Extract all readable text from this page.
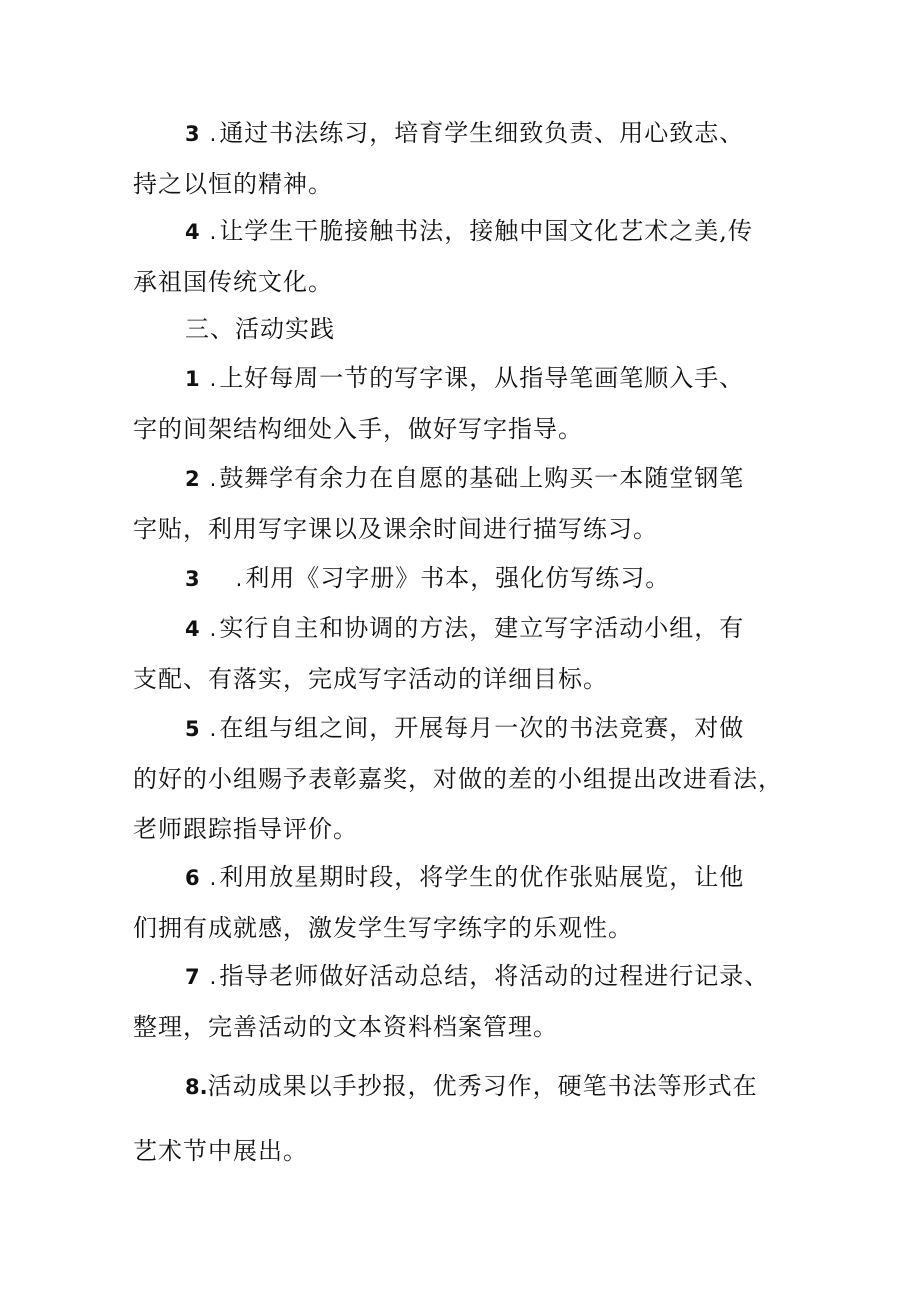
3 .通过书法练习，培育学生细致负责、用心致志、
持之以恒的精神。
4 .让学生干脆接触书法，接触中国文化艺术之美,传
承祖国传统文化。
三、活动实践
1 .上好每周一节的写字课，从指导笔画笔顺入手、
字的间架结构细处入手，做好写字指导。
2 .鼓舞学有余力在自愿的基础上购买一本随堂钢笔
字贴，利用写字课以及课余时间进行描写练习。
3 .利用《习字册》书本，强化仿写练习。
4 .实行自主和协调的方法，建立写字活动小组，有
支配、有落实，完成写字活动的详细目标。
5 .在组与组之间，开展每月一次的书法竞赛，对做
的好的小组赐予表彰嘉奖，对做的差的小组提出改进看法，
老师跟踪指导评价。
6 .利用放星期时段，将学生的优作张贴展览，让他
们拥有成就感，激发学生写字练字的乐观性。
7 .指导老师做好活动总结，将活动的过程进行记录、
整理，完善活动的文本资料档案管理。
8.活动成果以手抄报，优秀习作，硬笔书法等形式在
艺术节中展出。
